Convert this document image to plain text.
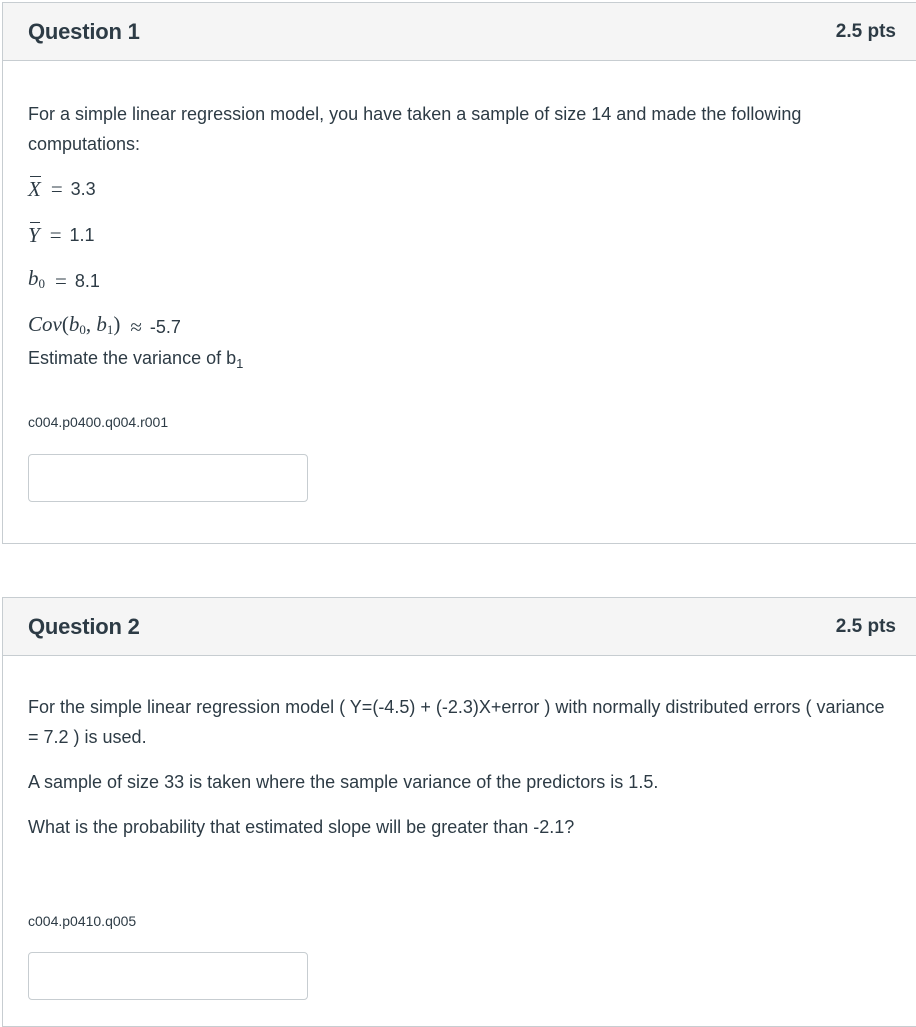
Question 1	2.5 pts

For a simple linear regression model, you have taken a sample of size 14 and made the following computations:

X = 3.3
Y = 1.1
$b_0 = 8.1$
$Cov(b_0$, $b_1) \approx -5.7$

Estimate the variance of $b_1$

c004.p0400.q004.r001
Question 2	2.5 pts

For the simple linear regression model ( Y=(-4.5) + (-2.3)X+error ) with normally distributed errors ( variance = 7.2 ) is used.

A sample of size 33 is taken where the sample variance of the predictors is 1.5.

What is the probability that estimated slope will be greater than -2.1?

c004.p0410.q005
